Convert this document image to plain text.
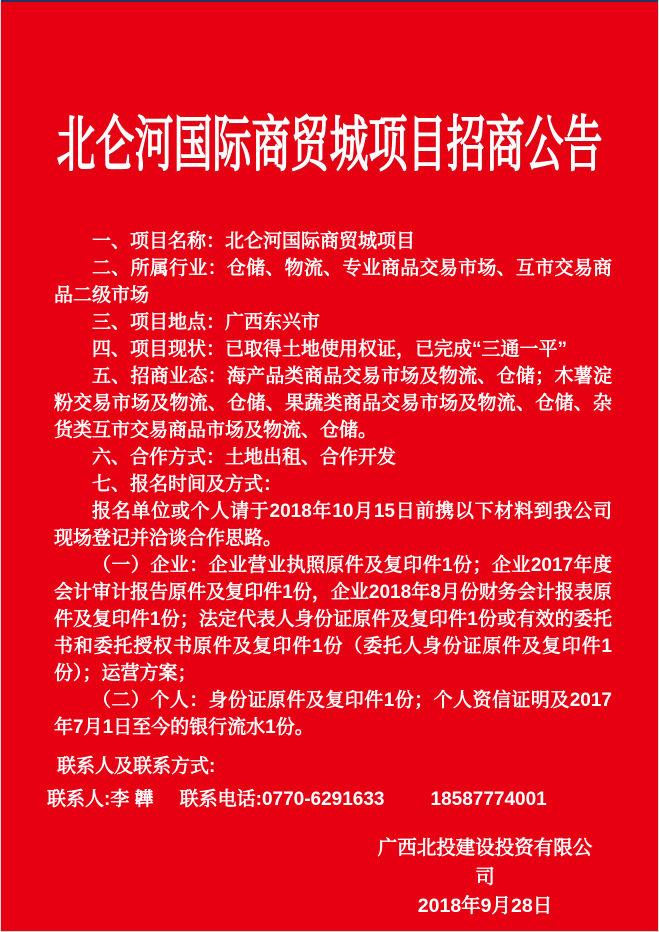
北仑河国际商贸城项目招商公告

一、项目名称：北仑河国际商贸城项目

二、所属行业：仓储、物流、专业商品交易市场、互市交易商品二级市场

三、项目地点：广西东兴市

四、项目现状：已取得土地使用权证，已完成“三通一平”

五、招商业态：海产品类商品交易市场及物流、仓储；木薯淀粉交易市场及物流、仓储、果蔬类商品交易市场及物流、仓储、杂货类互市交易商品市场及物流、仓储。

六、合作方式：土地出租、合作开发

七、报名时间及方式：

报名单位或个人请于2018年10月15日前携以下材料到我公司现场登记并洽谈合作思路。

（一）企业：企业营业执照原件及复印件1份；企业2017年度会计审计报告原件及复印件1份，企业2018年8月份财务会计报表原件及复印件1份；法定代表人身份证原件及复印件1份或有效的委托书和委托授权书原件及复印件1份（委托人身份证原件及复印件1份）；运营方案；

（二）个人：身份证原件及复印件1份；个人资信证明及2017年7月1日至今的银行流水1份。

联系人及联系方式:
联系人:李 韡 联系电话:0770-6291633 18587774001
广西北投建设投资有限公司
2018年9月28日
